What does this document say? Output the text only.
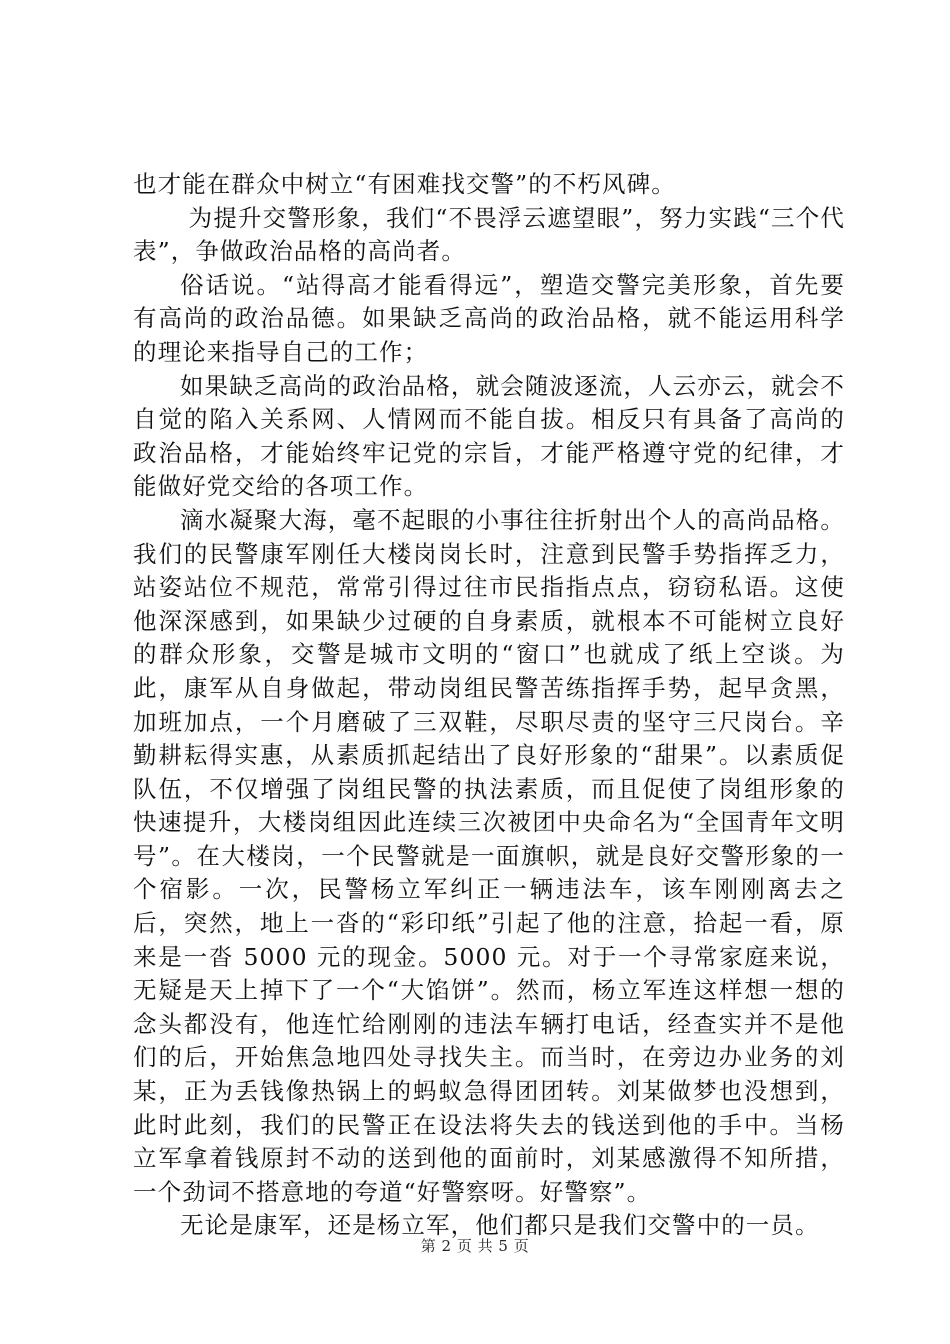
也才能在群众中树立“有困难找交警”的不朽风碑。

为提升交警形象，我们“不畏浮云遮望眼”，努力实践“三个代表”，争做政治品格的高尚者。

俗话说。“站得高才能看得远”，塑造交警完美形象，首先要有高尚的政治品德。如果缺乏高尚的政治品格，就不能运用科学的理论来指导自己的工作；

如果缺乏高尚的政治品格，就会随波逐流，人云亦云，就会不自觉的陷入关系网、人情网而不能自拔。相反只有具备了高尚的政治品格，才能始终牢记党的宗旨，才能严格遵守党的纪律，才能做好党交给的各项工作。

滴水凝聚大海，毫不起眼的小事往往折射出个人的高尚品格。我们的民警康军刚任大楼岗岗长时，注意到民警手势指挥乏力，站姿站位不规范，常常引得过往市民指指点点，窃窃私语。这使他深深感到，如果缺少过硬的自身素质，就根本不可能树立良好的群众形象，交警是城市文明的“窗口”也就成了纸上空谈。为此，康军从自身做起，带动岗组民警苦练指挥手势，起早贪黑，加班加点，一个月磨破了三双鞋，尽职尽责的坚守三尺岗台。辛勤耕耘得实惠，从素质抓起结出了良好形象的“甜果”。以素质促队伍，不仅增强了岗组民警的执法素质，而且促使了岗组形象的快速提升，大楼岗组因此连续三次被团中央命名为“全国青年文明号”。在大楼岗，一个民警就是一面旗帜，就是良好交警形象的一个宿影。一次，民警杨立军纠正一辆违法车，该车刚刚离去之后，突然，地上一沓的“彩印纸”引起了他的注意，拾起一看，原来是一沓 5000 元的现金。5000 元。对于一个寻常家庭来说，无疑是天上掉下了一个“大馅饼”。然而，杨立军连这样想一想的念头都没有，他连忙给刚刚的违法车辆打电话，经查实并不是他们的后，开始焦急地四处寻找失主。而当时，在旁边办业务的刘某，正为丢钱像热锅上的蚂蚁急得团团转。刘某做梦也没想到，此时此刻，我们的民警正在设法将失去的钱送到他的手中。当杨立军拿着钱原封不动的送到他的面前时，刘某感激得不知所措，一个劲词不搭意地的夸道“好警察呀。好警察”。

无论是康军，还是杨立军，他们都只是我们交警中的一员。

第 2 页 共 5 页
